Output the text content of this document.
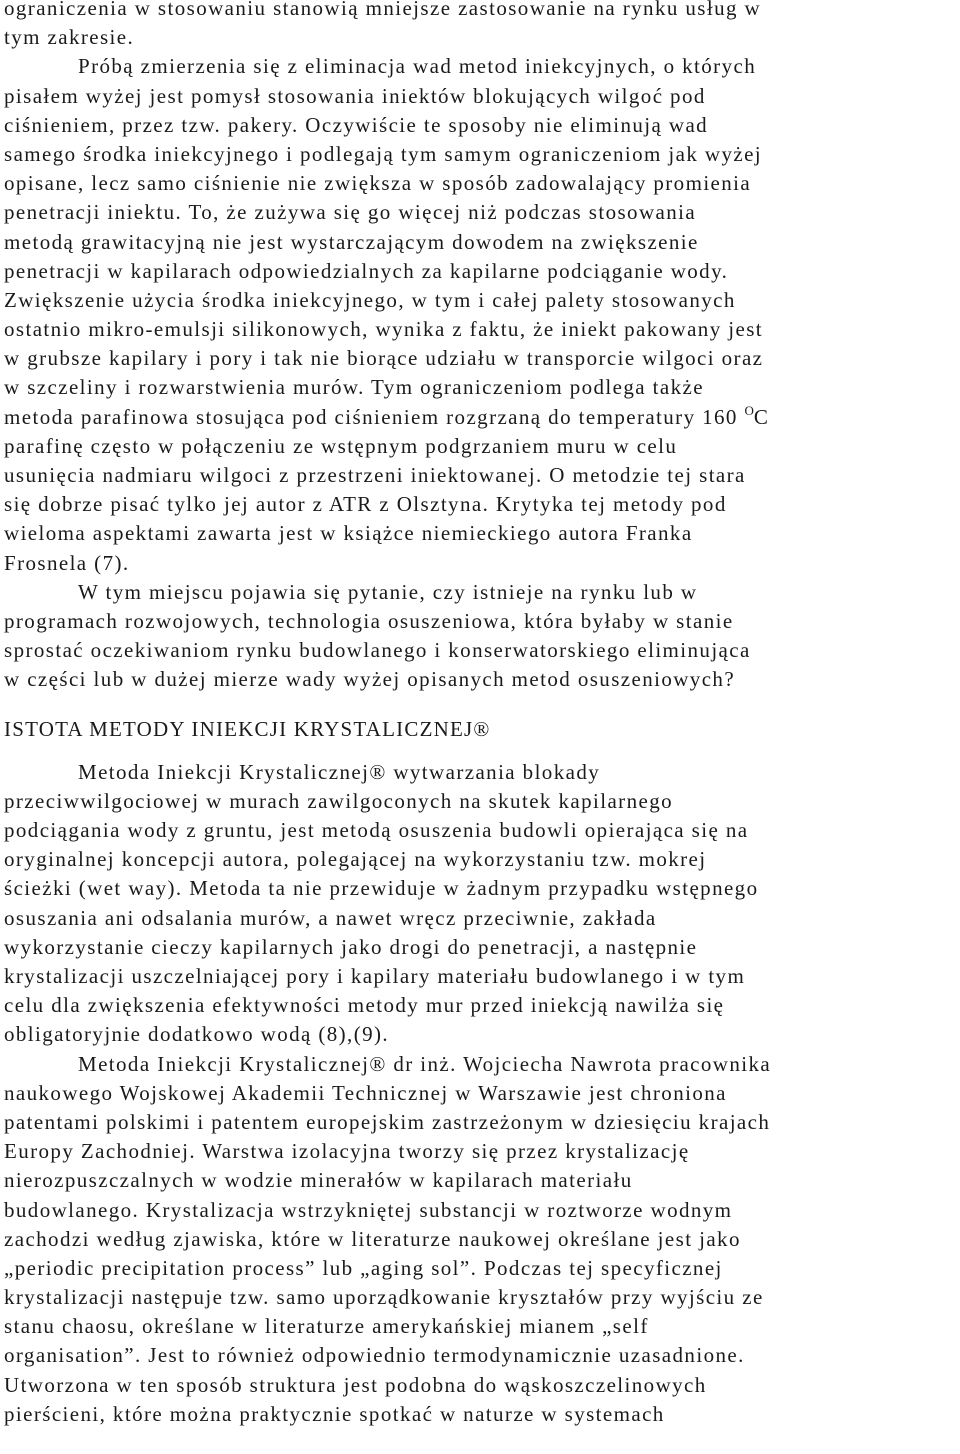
ograniczenia w stosowaniu stanowią mniejsze zastosowanie na rynku usług w
tym zakresie.
Próbą zmierzenia się z eliminacja wad metod iniekcyjnych, o których
pisałem wyżej jest pomysł stosowania iniektów blokujących wilgoć pod
ciśnieniem, przez tzw. pakery. Oczywiście te sposoby nie eliminują wad
samego środka iniekcyjnego i podlegają tym samym ograniczeniom jak wyżej
opisane, lecz samo ciśnienie nie zwiększa w sposób zadowalający promienia
penetracji iniektu. To, że zużywa się go więcej niż podczas stosowania
metodą grawitacyjną nie jest wystarczającym dowodem na zwiększenie
penetracji w kapilarach odpowiedzialnych za kapilarne podciąganie wody.
Zwiększenie użycia środka iniekcyjnego, w tym i całej palety stosowanych
ostatnio mikro-emulsji silikonowych, wynika z faktu, że iniekt pakowany jest
w grubsze kapilary i pory i tak nie biorące udziału w transporcie wilgoci oraz
w szczeliny i rozwarstwienia murów. Tym ograniczeniom podlega także
metoda parafinowa stosująca pod ciśnieniem rozgrzaną do temperatury 160 $^O$C
parafinę często w połączeniu ze wstępnym podgrzaniem muru w celu
usunięcia nadmiaru wilgoci z przestrzeni iniektowanej. O metodzie tej stara
się dobrze pisać tylko jej autor z ATR z Olsztyna. Krytyka tej metody pod
wieloma aspektami zawarta jest w książce niemieckiego autora Franka
Frosnela (7).
W tym miejscu pojawia się pytanie, czy istnieje na rynku lub w
programach rozwojowych, technologia osuszeniowa, która byłaby w stanie
sprostać oczekiwaniom rynku budowlanego i konserwatorskiego eliminująca
w części lub w dużej mierze wady wyżej opisanych metod osuszeniowych?
ISTOTA METODY INIEKCJI KRYSTALICZNEJ®
Metoda Iniekcji Krystalicznej® wytwarzania blokady
przeciwwilgociowej w murach zawilgoconych na skutek kapilarnego
podciągania wody z gruntu, jest metodą osuszenia budowli opierająca się na
oryginalnej koncepcji autora, polegającej na wykorzystaniu tzw. mokrej
ścieżki (wet way). Metoda ta nie przewiduje w żadnym przypadku wstępnego
osuszania ani odsalania murów, a nawet wręcz przeciwnie, zakłada
wykorzystanie cieczy kapilarnych jako drogi do penetracji, a następnie
krystalizacji uszczelniającej pory i kapilary materiału budowlanego i w tym
celu dla zwiększenia efektywności metody mur przed iniekcją nawilża się
obligatoryjnie dodatkowo wodą (8),(9).
Metoda Iniekcji Krystalicznej® dr inż. Wojciecha Nawrota pracownika
naukowego Wojskowej Akademii Technicznej w Warszawie jest chroniona
patentami polskimi i patentem europejskim zastrzeżonym w dziesięciu krajach
Europy Zachodniej. Warstwa izolacyjna tworzy się przez krystalizację
nierozpuszczalnych w wodzie minerałów w kapilarach materiału
budowlanego. Krystalizacja wstrzykniętej substancji w roztworze wodnym
zachodzi według zjawiska, które w literaturze naukowej określane jest jako
„periodic precipitation process” lub „aging sol”. Podczas tej specyficznej
krystalizacji następuje tzw. samo uporządkowanie kryształów przy wyjściu ze
stanu chaosu, określane w literaturze amerykańskiej mianem „self
organisation”. Jest to również odpowiednio termodynamicznie uzasadnione.
Utworzona w ten sposób struktura jest podobna do wąskoszczelinowych
pierścieni, które można praktycznie spotkać w naturze w systemach
